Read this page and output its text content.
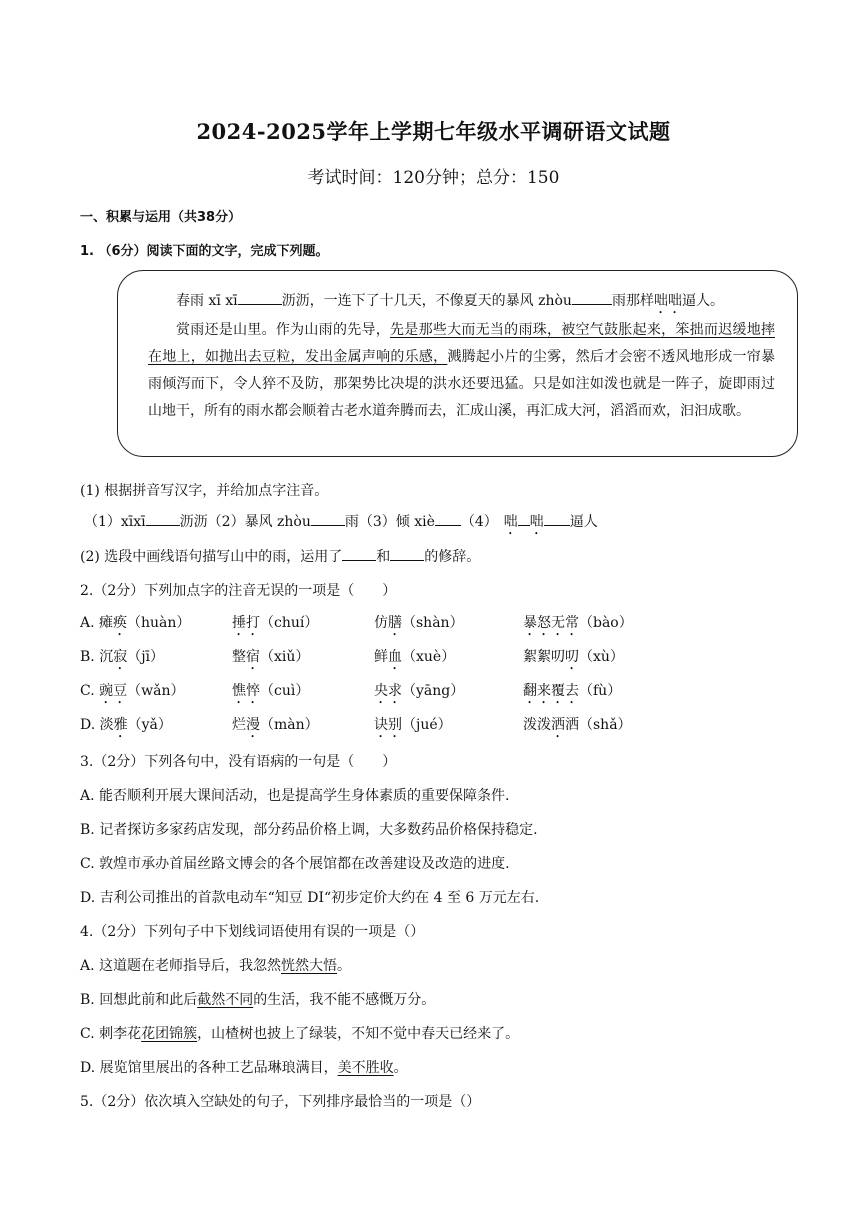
2024-2025学年上学期七年级水平调研语文试题
考试时间：120分钟；总分：150
一、积累与运用（共38分）
1. （6分）阅读下面的文字，完成下列题。

春雨 xī xī	沥沥，一连下了十几天，不像夏天的暴风 zhòu	雨那样咄咄逼人。

赏雨还是山里。作为山雨的先导，先是那些大而无当的雨珠，被空气鼓胀起来，笨拙而迟缓地摔在地上，如抛出去豆粒，发出金属声响的乐感，溅腾起小片的尘雾，然后才会密不透风地形成一帘暴雨倾泻而下，令人猝不及防，那架势比决堤的洪水还要迅猛。只是如注如泼也就是一阵子，旋即雨过山地干，所有的雨水都会顺着古老水道奔腾而去，汇成山溪，再汇成大河，滔滔而欢，汩汩成歌。

(1) 根据拼音写汉字，并给加点字注音。
（1）xīxī 沥沥（2）暴风 zhòu 雨（3）倾 xiè （4） 咄 咄 逼人
(2) 选段中画线语句描写山中的雨，运用了 和 的修辞。
2.（2分）下列加点字的注音无误的一项是（　　）
A. 瘫痪（huàn）	捶打（chuí）	仿膳（shàn）	暴怒无常（bào）
B. 沉寂（jī）	整宿（xiǔ）	鲜血（xuè）	絮絮叨叨（xù）
C. 豌豆（wǎn）	憔悴（cuì）	央求（yāng）	翻来覆去（fù）
D. 淡雅（yǎ）	烂漫（màn）	诀别（jué）	泼泼洒洒（shǎ）
3.（2分）下列各句中，没有语病的一句是（　　）
A. 能否顺利开展大课间活动，也是提高学生身体素质的重要保障条件.
B. 记者探访多家药店发现，部分药品价格上调，大多数药品价格保持稳定.
C. 敦煌市承办首届丝路文博会的各个展馆都在改善建设及改造的进度.
D. 吉利公司推出的首款电动车“知豆 DI“初步定价大约在 4 至 6 万元左右.
4.（2分）下列句子中下划线词语使用有误的一项是（）
A. 这道题在老师指导后，我忽然恍然大悟。
B. 回想此前和此后截然不同的生活，我不能不感慨万分。
C. 刺李花花团锦簇，山楂树也披上了绿装，不知不觉中春天已经来了。
D. 展览馆里展出的各种工艺品琳琅满目，美不胜收。
5.（2分）依次填入空缺处的句子，下列排序最恰当的一项是（）
